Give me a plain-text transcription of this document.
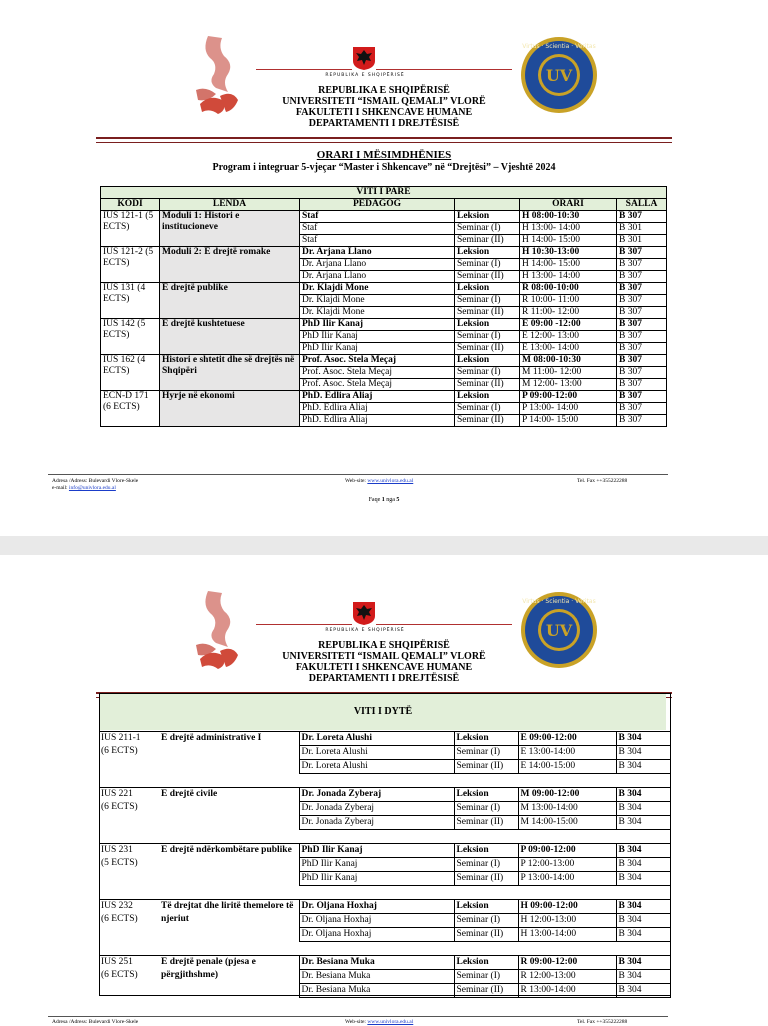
REPUBLIKA E SHQIPËRISË	UV
Virtus · Scientia · Veritas
REPUBLIKA E SHQIPËRISË
UNIVERSITETI “ISMAIL QEMALI” VLORË
FAKULTETI I SHKENCAVE HUMANE
DEPARTAMENTI I DREJTËSISË
ORARI I MËSIMDHËNIES
Program i integruar 5-vjeçar “Master i Shkencave” në “Drejtësi” – Vjeshtë 2024
VITI I PARE					
KODI	LENDA	PEDAGOG		ORARI	SALLA
IUS 121-1 (5 ECTS)	Moduli 1: Histori e institucioneve	Staf	Leksion	H 08:00-10:30	B 307
		Staf	Seminar (I)	H 13:00- 14:00	B 301
		Staf	Seminar (II)	H 14:00- 15:00	B 301
IUS 121-2 (5 ECTS)	Moduli 2: E drejtë romake	Dr. Arjana Llano	Leksion	H 10:30-13:00	B 307
		Dr. Arjana Llano	Seminar (I)	H 14:00- 15:00	B 307
		Dr. Arjana Llano	Seminar (II)	H 13:00- 14:00	B 307
IUS 131 (4 ECTS)	E drejtë publike	Dr. Klajdi Mone	Leksion	R 08:00-10:00	B 307
		Dr. Klajdi Mone	Seminar (I)	R 10:00- 11:00	B 307
		Dr. Klajdi Mone	Seminar (II)	R 11:00- 12:00	B 307
IUS 142 (5 ECTS)	E drejtë kushtetuese	PhD Ilir Kanaj	Leksion	E 09:00 -12:00	B 307
		PhD Ilir Kanaj	Seminar (I)	E 12:00- 13:00	B 307
		PhD Ilir Kanaj	Seminar (II)	E 13:00- 14:00	B 307
IUS 162 (4 ECTS)	Histori e shtetit dhe së drejtës në Shqipëri	Prof. Asoc. Stela Meçaj	Leksion	M 08:00-10:30	B 307
		Prof. Asoc. Stela Meçaj	Seminar (I)	M 11:00- 12:00	B 307
		Prof. Asoc. Stela Meçaj	Seminar (II)	M 12:00- 13:00	B 307
ECN-D 171 (6 ECTS)	Hyrje në ekonomi	PhD. Edlira Aliaj	Leksion	P 09:00-12:00	B 307
		PhD. Edlira Aliaj	Seminar (I)	P 13:00- 14:00	B 307
		PhD. Edlira Aliaj	Seminar (II)	P 14:00- 15:00	B 307
Adresa /Adress: Bulevardi Vlore-Skele
e-mail: info@univlora.edu.al
Web-site: www.univlora.edu.al	Tel. Fax ++355222288
Faqe 1 nga 5
REPUBLIKA E SHQIPËRISË	UV
Virtus · Scientia · Veritas
REPUBLIKA E SHQIPËRISË
UNIVERSITETI “ISMAIL QEMALI” VLORË
FAKULTETI I SHKENCAVE HUMANE
DEPARTAMENTI I DREJTËSISË
VITI I DYTË
IUS 211-1
(6 ECTS)	E drejtë administrative I	Dr. Loreta Alushi	Leksion	E 09:00-12:00	B 304
		Dr. Loreta Alushi	Seminar (I)	E 13:00-14:00	B 304
		Dr. Loreta Alushi	Seminar (II)	E 14:00-15:00	B 304

IUS 221
(6 ECTS)	E drejtë civile	Dr. Jonada Zyberaj	Leksion	M 09:00-12:00	B 304
		Dr. Jonada Zyberaj	Seminar (I)	M 13:00-14:00	B 304
		Dr. Jonada Zyberaj	Seminar (II)	M 14:00-15:00	B 304

IUS 231
(5 ECTS)	E drejtë ndërkombëtare publike	PhD Ilir Kanaj	Leksion	P 09:00-12:00	B 304
		PhD Ilir Kanaj	Seminar (I)	P 12:00-13:00	B 304
		PhD Ilir Kanaj	Seminar (II)	P 13:00-14:00	B 304

IUS 232
(6 ECTS)	Të drejtat dhe liritë themelore të njeriut	Dr. Oljana Hoxhaj	Leksion	H 09:00-12:00	B 304
		Dr. Oljana Hoxhaj	Seminar (I)	H 12:00-13:00	B 304
		Dr. Oljana Hoxhaj	Seminar (II)	H 13:00-14:00	B 304

IUS 251
(6 ECTS)	E drejtë penale (pjesa e përgjithshme)	Dr. Besiana Muka	Leksion	R 09:00-12:00	B 304
		Dr. Besiana Muka	Seminar (I)	R 12:00-13:00	B 304
		Dr. Besiana Muka	Seminar (II)	R 13:00-14:00	B 304
Adresa /Adress: Bulevardi Vlore-Skele	Web-site: www.univlora.edu.al	Tel. Fax ++355222288
